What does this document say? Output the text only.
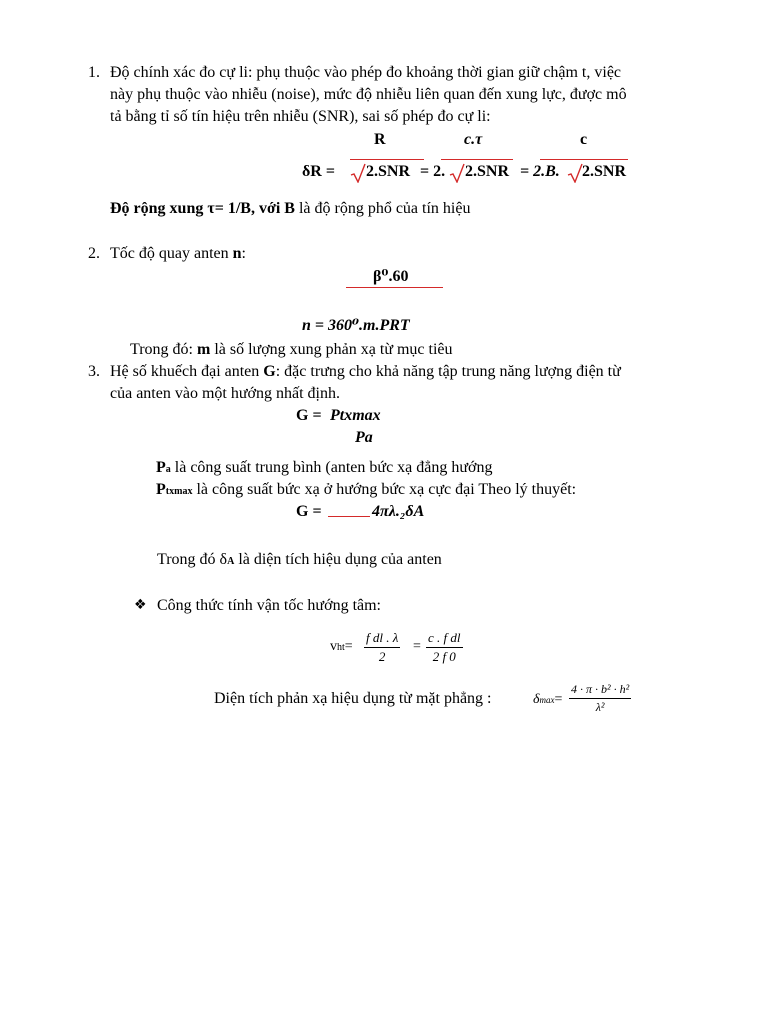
1. Độ chính xác đo cự li: phụ thuộc vào phép đo khoảng thời gian giữ chậm t, việc
này phụ thuộc vào nhiễu (noise), mức độ nhiễu liên quan đến xung lực, được mô
tả bằng tỉ số tín hiệu trên nhiễu (SNR), sai số phép đo cự li:
R	c.τ	c
δR = 2.SNR = 2. 2.SNR = 2.B. 2.SNR
Độ rộng xung τ= 1/B, với B là độ rộng phổ của tín hiệu
2. Tốc độ quay anten n:
β⁰.60
n = 360⁰.m.PRT
Trong đó: m là số lượng xung phản xạ từ mục tiêu
3. Hệ số khuếch đại anten G: đặc trưng cho khả năng tập trung năng lượng điện từ
của anten vào một hướng nhất định.
G = Ptxmax
Pa
Pa là công suất trung bình (anten bức xạ đẳng hướng
Ptxmax là công suất bức xạ ở hướng bức xạ cực đại Theo lý thuyết:
G =	4πλ.₂δA
Trong đó δA là diện tích hiệu dụng của anten
❖ Công thức tính vận tốc hướng tâm:
$vht= \frac{\text{f dl . λ}}{2} = \frac{\text{c . f dl}}{2 f 0}$
Diện tích phản xạ hiệu dụng từ mặt phẳng :	$\delta\max= \frac{\text{4 · π · b² · h²}}{\text{λ²}}$
